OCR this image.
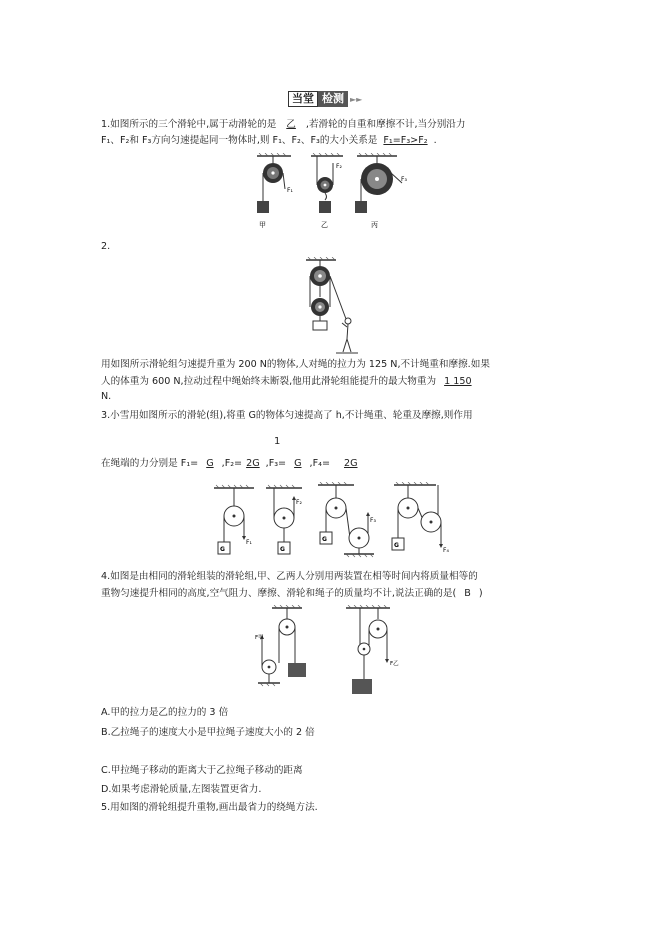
当堂 检测 ►►
1.如图所示的三个滑轮中,属于动滑轮的是 乙 ,若滑轮的自重和摩擦不计,当分别沿力
F₁、F₂和 F₃方向匀速提起同一物体时,则 F₁、F₂、F₃的大小关系是 F₁=F₃>F₂ .
F₁
甲
F₂
乙
F₃
丙
2.
用如图所示滑轮组匀速提升重为 200 N的物体,人对绳的拉力为 125 N,不计绳重和摩擦.如果
人的体重为 600 N,拉动过程中绳始终未断裂,他用此滑轮组能提升的最大物重为 1 150
N.
3.小雪用如图所示的滑轮(组),将重 G的物体匀速提高了 h,不计绳重、轮重及摩擦,则作用
1
在绳端的力分别是 F₁= G ,F₂= 2G ,F₃= G ,F₄= 2G
G
F₁
F₂
G
G
F₃
G
F₄
4.如图是由相同的滑轮组装的滑轮组,甲、乙两人分别用两装置在相等时间内将质量相等的
重物匀速提升相同的高度,空气阻力、摩擦、滑轮和绳子的质量均不计,说法正确的是( B )
F甲
F乙
A.甲的拉力是乙的拉力的 3 倍
B.乙拉绳子的速度大小是甲拉绳子速度大小的 2 倍
C.甲拉绳子移动的距离大于乙拉绳子移动的距离
D.如果考虑滑轮质量,左图装置更省力.
5.用如图的滑轮组提升重物,画出最省力的绕绳方法.
